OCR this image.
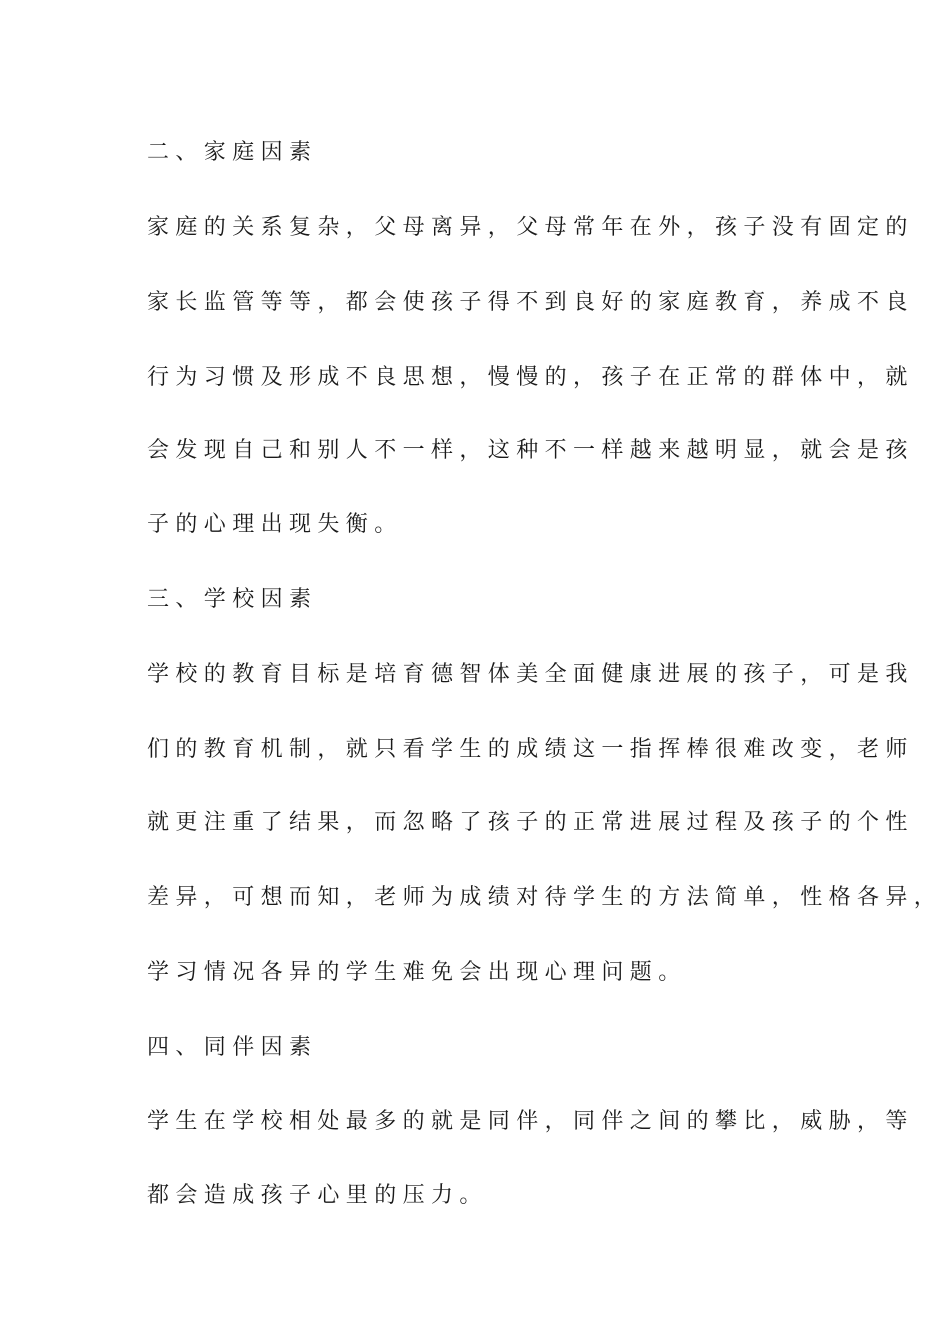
二、家庭因素

家庭的关系复杂，父母离异，父母常年在外，孩子没有固定的

家长监管等等，都会使孩子得不到良好的家庭教育，养成不良

行为习惯及形成不良思想，慢慢的，孩子在正常的群体中，就

会发现自己和别人不一样，这种不一样越来越明显，就会是孩

子的心理出现失衡。

三、学校因素

学校的教育目标是培育德智体美全面健康进展的孩子，可是我

们的教育机制，就只看学生的成绩这一指挥棒很难改变，老师

就更注重了结果，而忽略了孩子的正常进展过程及孩子的个性

差异，可想而知，老师为成绩对待学生的方法简单，性格各异，

学习情况各异的学生难免会出现心理问题。

四、同伴因素

学生在学校相处最多的就是同伴，同伴之间的攀比，威胁，等

都会造成孩子心里的压力。
